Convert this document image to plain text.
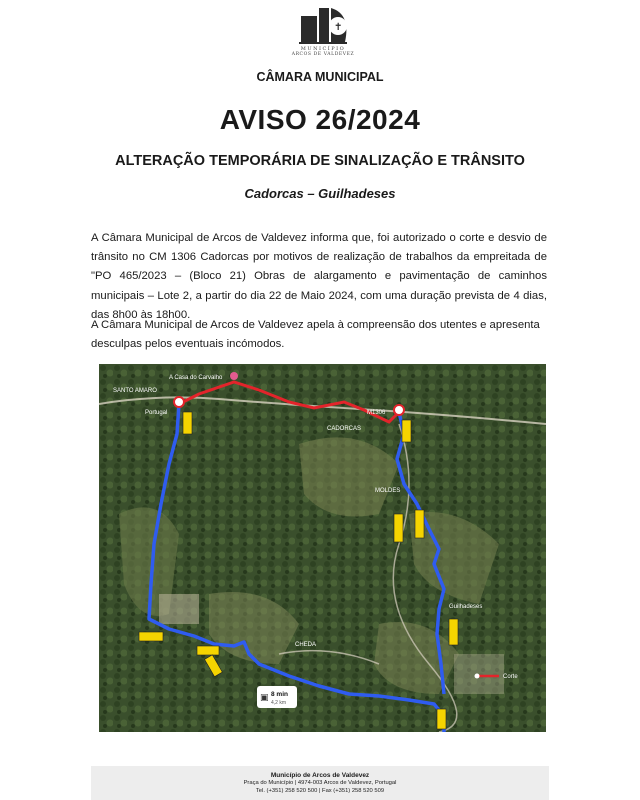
✝
MUNICÍPIO
ARCOS DE VALDEVEZ
CÂMARA MUNICIPAL
AVISO 26/2024
ALTERAÇÃO TEMPORÁRIA DE SINALIZAÇÃO E TRÂNSITO
Cadorcas – Guilhadeses
A Câmara Municipal de Arcos de Valdevez informa que, foi autorizado o corte e desvio de trânsito no CM 1306 Cadorcas por motivos de realização de trabalhos da empreitada de "PO 465/2023 – (Bloco 21) Obras de alargamento e pavimentação de caminhos municipais – Lote 2, a partir do dia 22 de Maio 2024, com uma duração prevista de 4 dias, das 8h00 às 18h00.
A Câmara Municipal de Arcos de Valdevez apela à compreensão dos utentes e apresenta desculpas pelos eventuais incómodos.
SANTO AMARO
Portugal
A Casa do Carvalho
CADORCAS
M1306
MOLDES
Guilhadeses
CHEDA
Corte
▣ 8 min
4,2 km
Município de Arcos de Valdevez
Praça do Município | 4974-003 Arcos de Valdevez, Portugal
Tel. (+351) 258 520 500 | Fax (+351) 258 520 509
